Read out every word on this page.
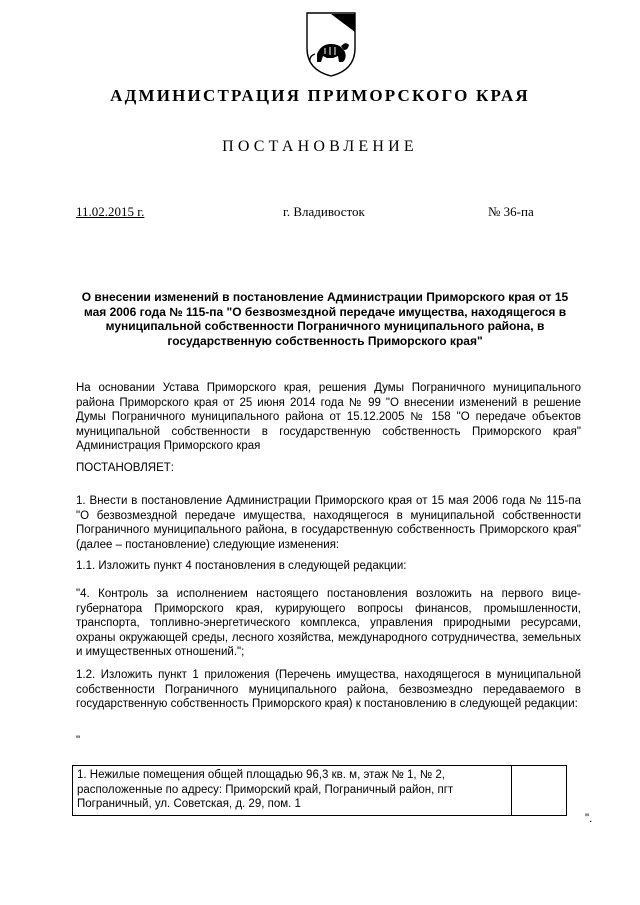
АДМИНИСТРАЦИЯ ПРИМОРСКОГО КРАЯ
ПОСТАНОВЛЕНИЕ
11.02.2015 г.	г. Владивосток	№ 36-па
О внесении изменений в постановление Администрации Приморского края от 15 мая 2006 года № 115-па "О безвозмездной передаче имущества, находящегося в муниципальной собственности Пограничного муниципального района, в государственную собственность Приморского края"

На основании Устава Приморского края, решения Думы Пограничного муниципального района Приморского края от 25 июня 2014 года № 99 "О внесении изменений в решение Думы Пограничного муниципального района от 15.12.2005 № 158 "О передаче объектов муниципальной собственности в государственную собственность Приморского края" Администрация Приморского края

ПОСТАНОВЛЯЕТ:

1. Внести в постановление Администрации Приморского края от 15 мая 2006 года № 115-па "О безвозмездной передаче имущества, находящегося в муниципальной собственности Пограничного муниципального района, в государственную собственность Приморского края" (далее – постановление) следующие изменения:

1.1. Изложить пункт 4 постановления в следующей редакции:

"4. Контроль за исполнением настоящего постановления возложить на первого вице-губернатора Приморского края, курирующего вопросы финансов, промышленности, транспорта, топливно-энергетического комплекса, управления природными ресурсами, охраны окружающей среды, лесного хозяйства, международного сотрудничества, земельных и имущественных отношений.";

1.2. Изложить пункт 1 приложения (Перечень имущества, находящегося в муниципальной собственности Пограничного муниципального района, безвозмездно передаваемого в государственную собственность Приморского края) к постановлению в следующей редакции:

"
1. Нежилые помещения общей площадью 96,3 кв. м, этаж № 1, № 2, расположенные по адресу: Приморский край, Пограничный район, пгт Пограничный, ул. Советская, д. 29, пом. 1	
".
